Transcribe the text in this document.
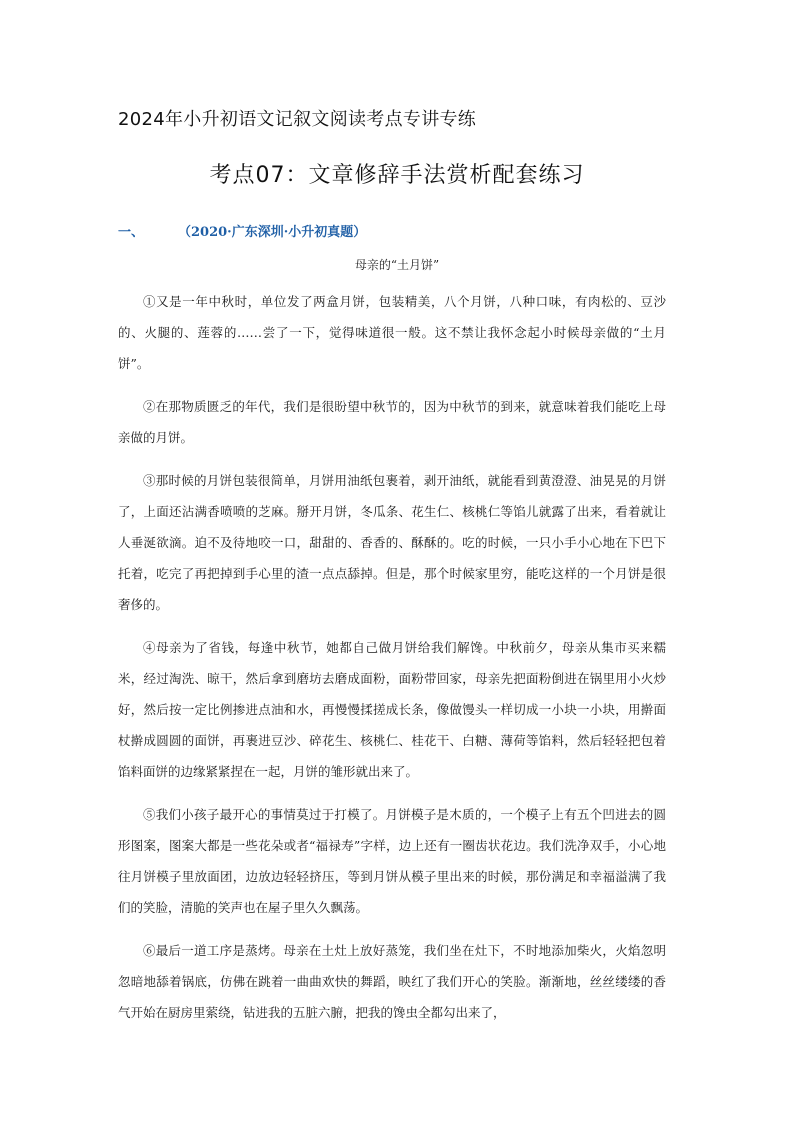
2024年小升初语文记叙文阅读考点专讲专练
考点07：文章修辞手法赏析配套练习
一、	（2020·广东深圳·小升初真题）
母亲的“土月饼”

①又是一年中秋时，单位发了两盒月饼，包装精美，八个月饼，八种口味，有肉松的、豆沙的、火腿的、莲蓉的……尝了一下，觉得味道很一般。这不禁让我怀念起小时候母亲做的“土月饼”。

②在那物质匮乏的年代，我们是很盼望中秋节的，因为中秋节的到来，就意味着我们能吃上母亲做的月饼。

③那时候的月饼包装很简单，月饼用油纸包裹着，剥开油纸，就能看到黄澄澄、油晃晃的月饼了，上面还沾满香喷喷的芝麻。掰开月饼，冬瓜条、花生仁、核桃仁等馅儿就露了出来，看着就让人垂涎欲滴。迫不及待地咬一口，甜甜的、香香的、酥酥的。吃的时候，一只小手小心地在下巴下托着，吃完了再把掉到手心里的渣一点点舔掉。但是，那个时候家里穷，能吃这样的一个月饼是很奢侈的。

④母亲为了省钱，每逢中秋节，她都自己做月饼给我们解馋。中秋前夕，母亲从集市买来糯米，经过淘洗、晾干，然后拿到磨坊去磨成面粉，面粉带回家，母亲先把面粉倒进在锅里用小火炒好，然后按一定比例掺进点油和水，再慢慢揉搓成长条，像做馒头一样切成一小块一小块，用擀面杖擀成圆圆的面饼，再裹进豆沙、碎花生、核桃仁、桂花干、白糖、薄荷等馅料，然后轻轻把包着馅料面饼的边缘紧紧捏在一起，月饼的雏形就出来了。

⑤我们小孩子最开心的事情莫过于打模了。月饼模子是木质的，一个模子上有五个凹进去的圆形图案，图案大都是一些花朵或者“福禄寿”字样，边上还有一圈齿状花边。我们洗净双手，小心地往月饼模子里放面团，边放边轻轻挤压，等到月饼从模子里出来的时候，那份满足和幸福溢满了我们的笑脸，清脆的笑声也在屋子里久久飘荡。

⑥最后一道工序是蒸烤。母亲在土灶上放好蒸笼，我们坐在灶下，不时地添加柴火，火焰忽明忽暗地舔着锅底，仿佛在跳着一曲曲欢快的舞蹈，映红了我们开心的笑脸。渐渐地，丝丝缕缕的香气开始在厨房里萦绕，钻进我的五脏六腑，把我的馋虫全都勾出来了，
